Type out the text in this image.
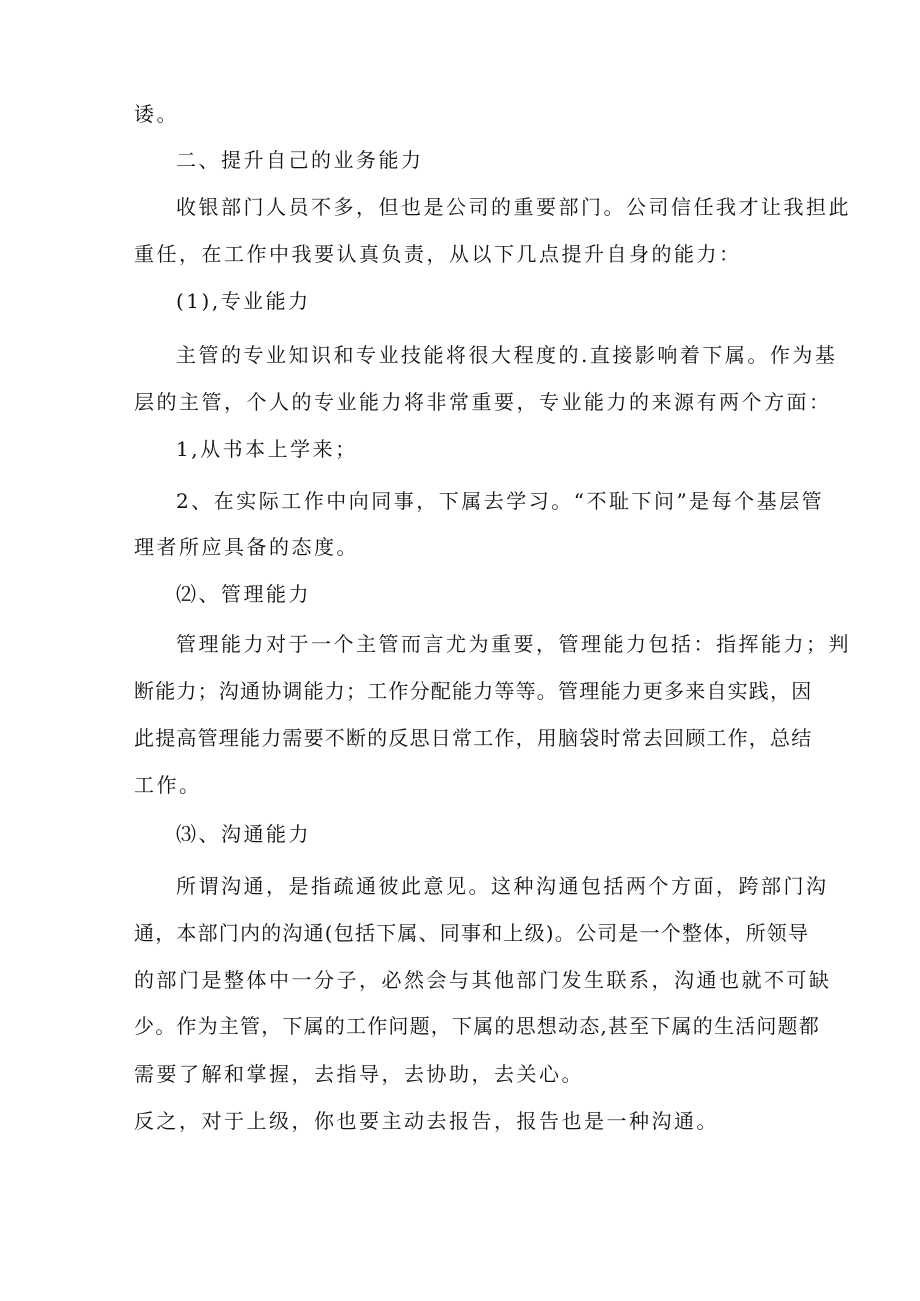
诿。
二、提升自己的业务能力
收银部门人员不多，但也是公司的重要部门。公司信任我才让我担此
重任，在工作中我要认真负责，从以下几点提升自身的能力：
(1),专业能力
主管的专业知识和专业技能将很大程度的.直接影响着下属。作为基
层的主管，个人的专业能力将非常重要，专业能力的来源有两个方面：
1,从书本上学来；
2、在实际工作中向同事，下属去学习。“不耻下问”是每个基层管
理者所应具备的态度。
⑵、管理能力
管理能力对于一个主管而言尤为重要，管理能力包括：指挥能力；判
断能力；沟通协调能力；工作分配能力等等。管理能力更多来自实践，因
此提高管理能力需要不断的反思日常工作，用脑袋时常去回顾工作，总结
工作。
⑶、沟通能力
所谓沟通，是指疏通彼此意见。这种沟通包括两个方面，跨部门沟
通，本部门内的沟通(包括下属、同事和上级)。公司是一个整体，所领导
的部门是整体中一分子，必然会与其他部门发生联系，沟通也就不可缺
少。作为主管，下属的工作问题，下属的思想动态,甚至下属的生活问题都
需要了解和掌握，去指导，去协助，去关心。
反之，对于上级，你也要主动去报告，报告也是一种沟通。
